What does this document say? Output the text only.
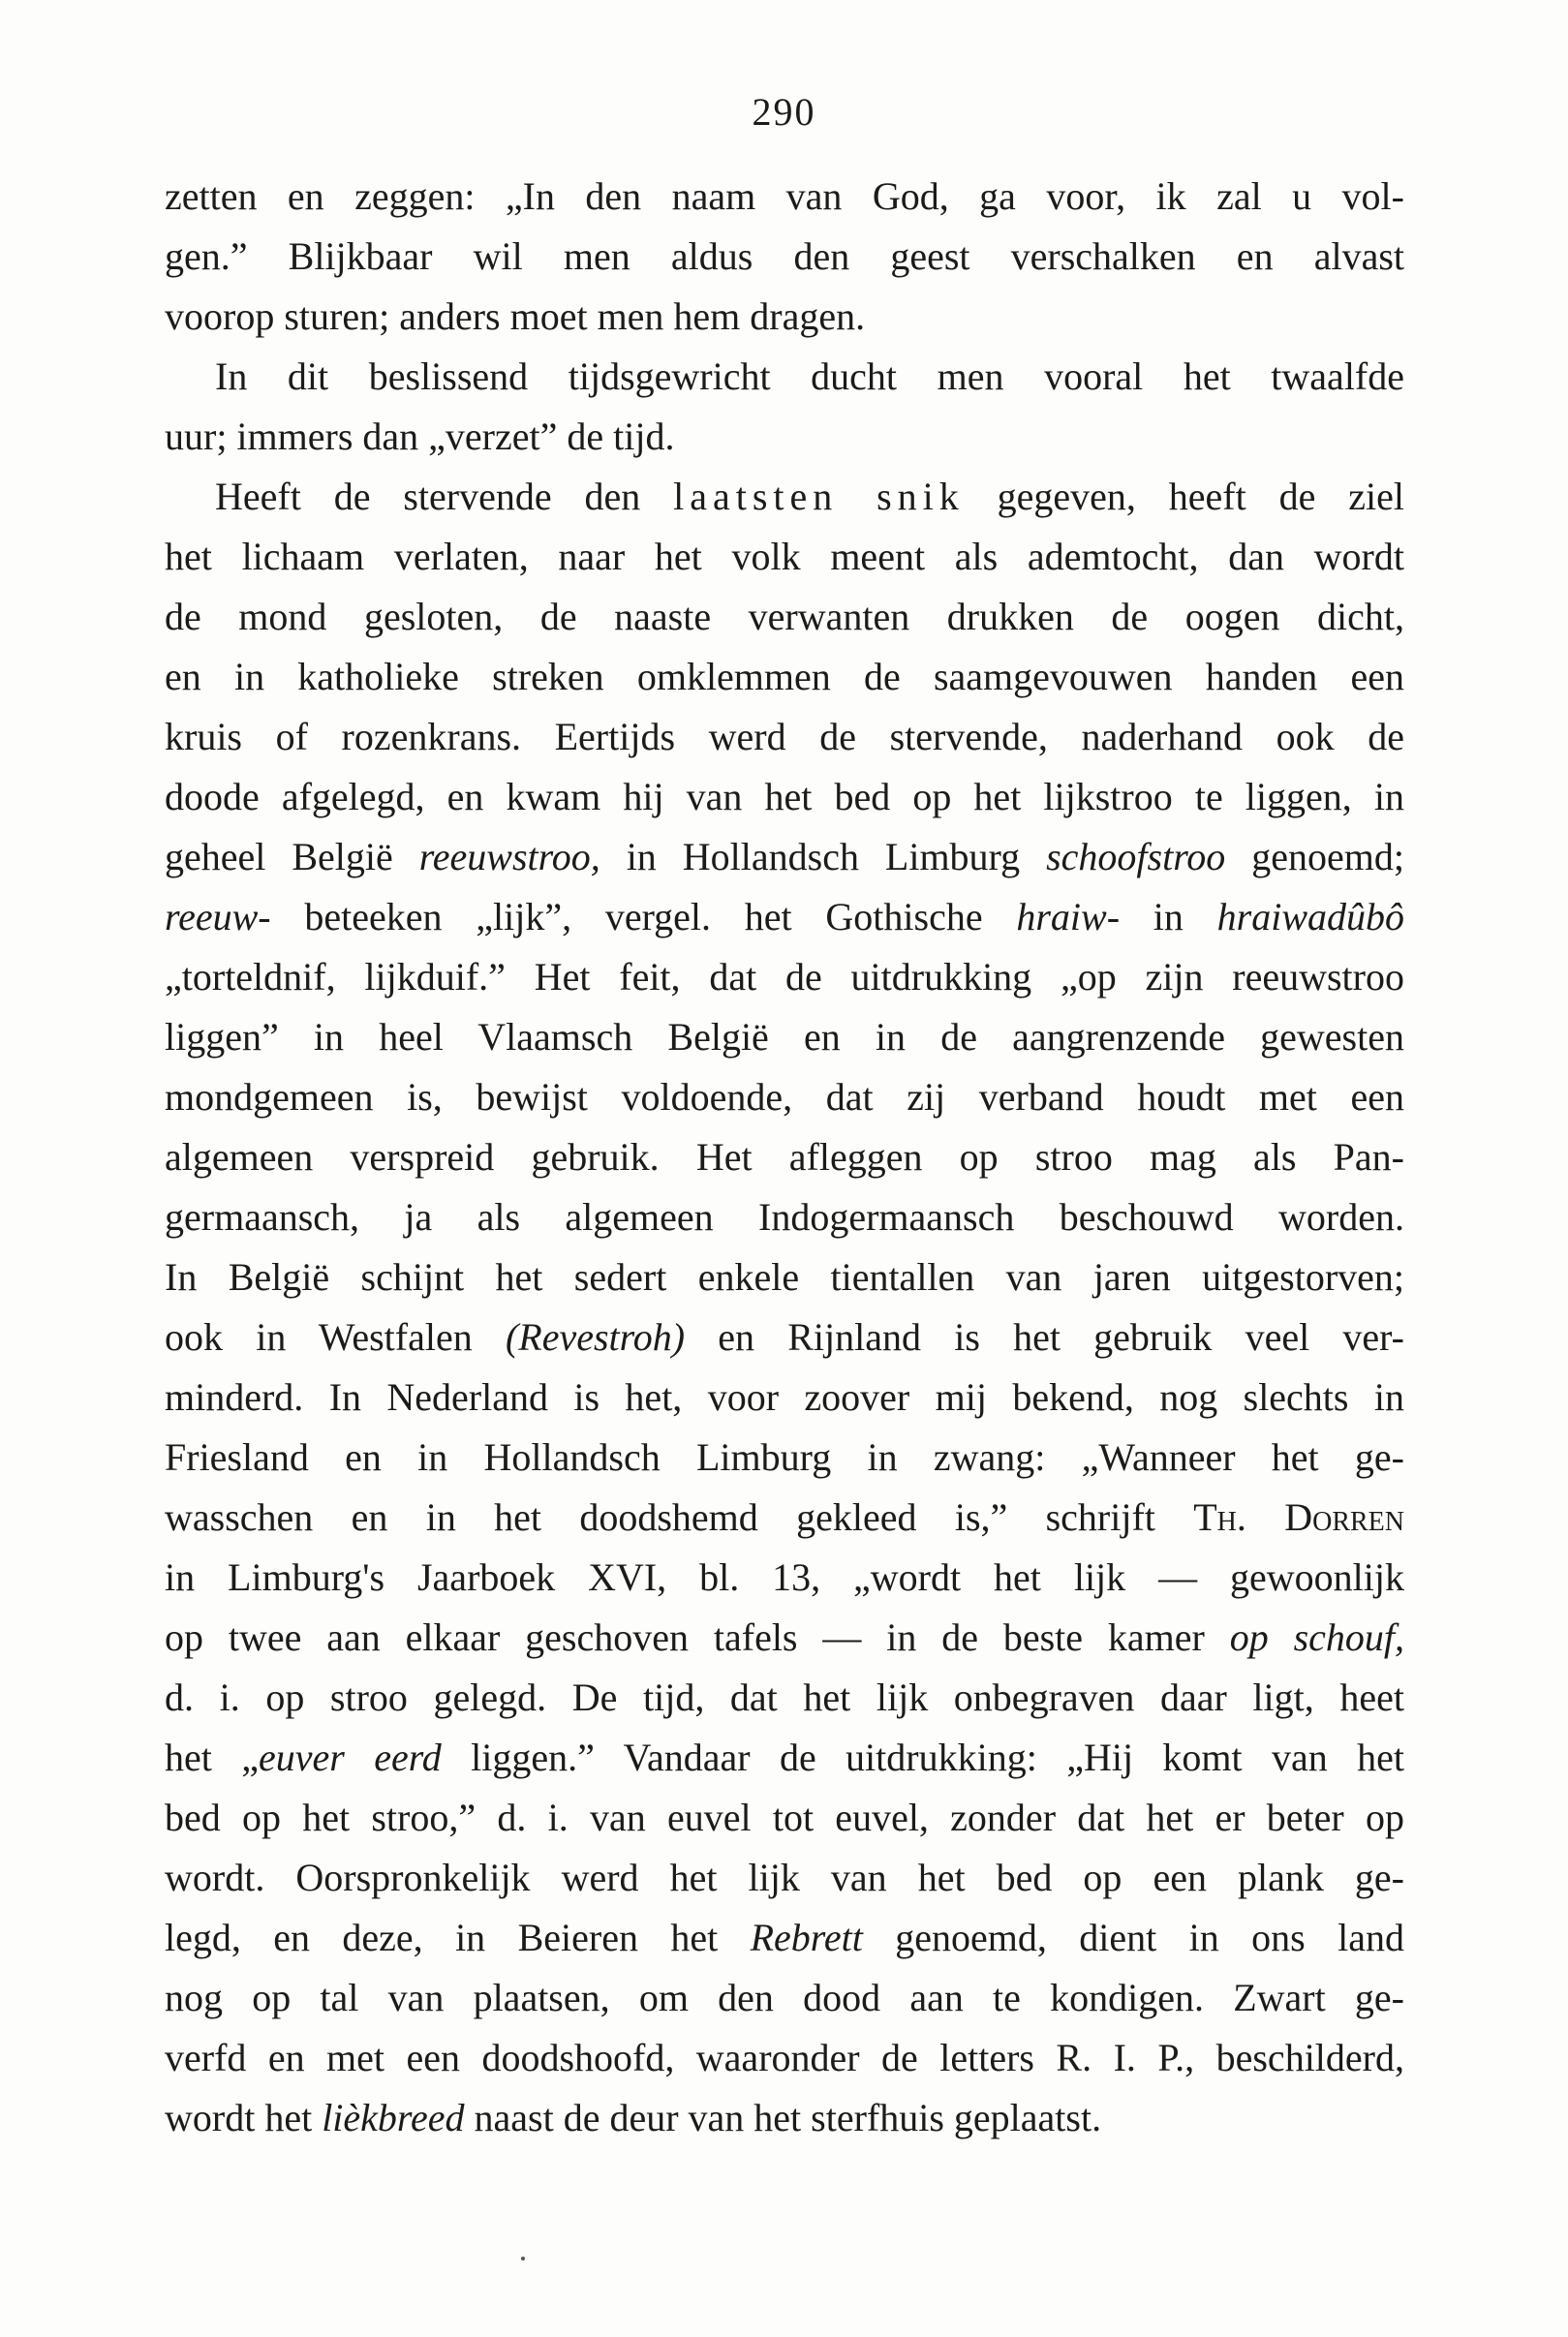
290
zetten en zeggen: „In den naam van God, ga voor, ik zal u vol-
gen.” Blijkbaar wil men aldus den geest verschalken en alvast
voorop sturen; anders moet men hem dragen.
In dit beslissend tijdsgewricht ducht men vooral het twaalfde
uur; immers dan „verzet” de tijd.
Heeft de stervende den laatsten snik gegeven, heeft de ziel
het lichaam verlaten, naar het volk meent als ademtocht, dan wordt
de mond gesloten, de naaste verwanten drukken de oogen dicht,
en in katholieke streken omklemmen de saamgevouwen handen een
kruis of rozenkrans. Eertijds werd de stervende, naderhand ook de
doode afgelegd, en kwam hij van het bed op het lijkstroo te liggen, in
geheel België reeuwstroo, in Hollandsch Limburg schoofstroo genoemd;
reeuw- beteeken „lijk”, vergel. het Gothische hraiw- in hraiwadûbô
„torteldnif, lijkduif.” Het feit, dat de uitdrukking „op zijn reeuwstroo
liggen” in heel Vlaamsch België en in de aangrenzende gewesten
mondgemeen is, bewijst voldoende, dat zij verband houdt met een
algemeen verspreid gebruik. Het afleggen op stroo mag als Pan-
germaansch, ja als algemeen Indogermaansch beschouwd worden.
In België schijnt het sedert enkele tientallen van jaren uitgestorven;
ook in Westfalen (Revestroh) en Rijnland is het gebruik veel ver-
minderd. In Nederland is het, voor zoover mij bekend, nog slechts in
Friesland en in Hollandsch Limburg in zwang: „Wanneer het ge-
wasschen en in het doodshemd gekleed is,” schrijft Th. Dorren
in Limburg's Jaarboek XVI, bl. 13, „wordt het lijk — gewoonlijk
op twee aan elkaar geschoven tafels — in de beste kamer op schouf,
d. i. op stroo gelegd. De tijd, dat het lijk onbegraven daar ligt, heet
het „euver eerd liggen.” Vandaar de uitdrukking: „Hij komt van het
bed op het stroo,” d. i. van euvel tot euvel, zonder dat het er beter op
wordt. Oorspronkelijk werd het lijk van het bed op een plank ge-
legd, en deze, in Beieren het Rebrett genoemd, dient in ons land
nog op tal van plaatsen, om den dood aan te kondigen. Zwart ge-
verfd en met een doodshoofd, waaronder de letters R. I. P., beschilderd,
wordt het lièkbreed naast de deur van het sterfhuis geplaatst.
